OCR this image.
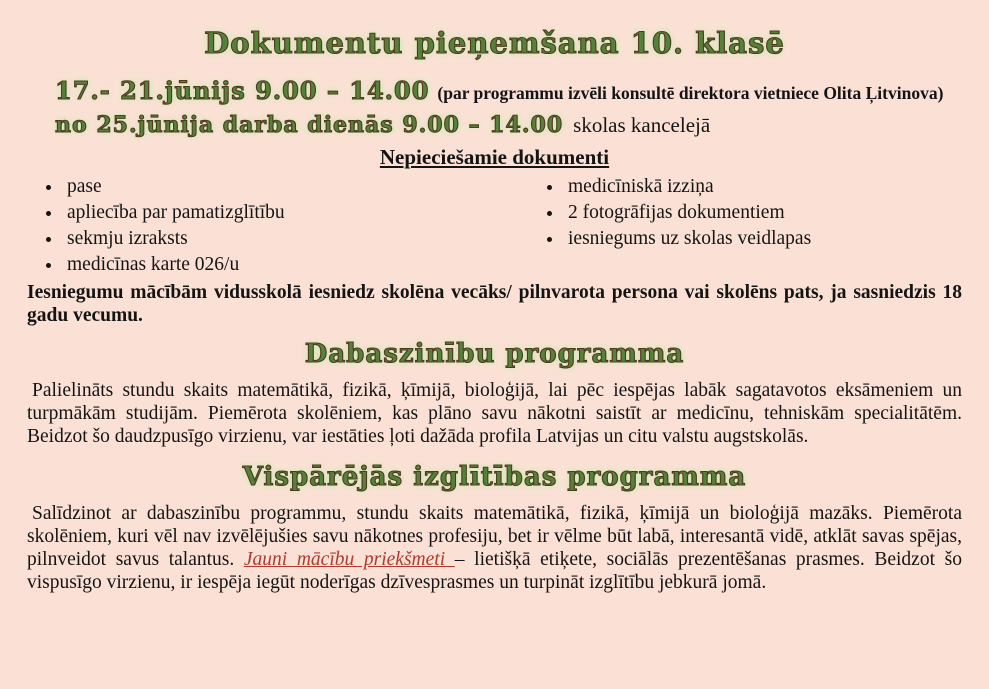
Dokumentu pieņemšana 10. klasē
17.- 21.jūnijs 9.00 – 14.00 (par programmu izvēli konsultē direktora vietniece Olita Ļitvinova)
no 25.jūnija darba dienās 9.00 – 14.00 skolas kancelejā
Nepieciešamie dokumenti
• pase
• apliecība par pamatizglītību
• sekmju izraksts
• medicīnas karte 026/u
• medicīniskā izziņa
• 2 fotogrāfijas dokumentiem
• iesniegums uz skolas veidlapas

Iesniegumu mācībām vidusskolā iesniedz skolēna vecāks/ pilnvarota persona vai skolēns pats, ja sasniedzis 18 gadu vecumu.

Dabaszinību programma

Palielināts stundu skaits matemātikā, fizikā, ķīmijā, bioloģijā, lai pēc iespējas labāk sagatavotos eksāmeniem un turpmākām studijām. Piemērota skolēniem, kas plāno savu nākotni saistīt ar medicīnu, tehniskām specialitātēm. Beidzot šo daudzpusīgo virzienu, var iestāties ļoti dažāda profila Latvijas un citu valstu augstskolās.

Vispārējās izglītības programma

Salīdzinot ar dabaszinību programmu, stundu skaits matemātikā, fizikā, ķīmijā un bioloģijā mazāks. Piemērota skolēniem, kuri vēl nav izvēlējušies savu nākotnes profesiju, bet ir vēlme būt labā, interesantā vidē, atklāt savas spējas, pilnveidot savus talantus. Jauni mācību priekšmeti – lietišķā etiķete, sociālās prezentēšanas prasmes. Beidzot šo vispusīgo virzienu, ir iespēja iegūt noderīgas dzīvesprasmes un turpināt izglītību jebkurā jomā.
